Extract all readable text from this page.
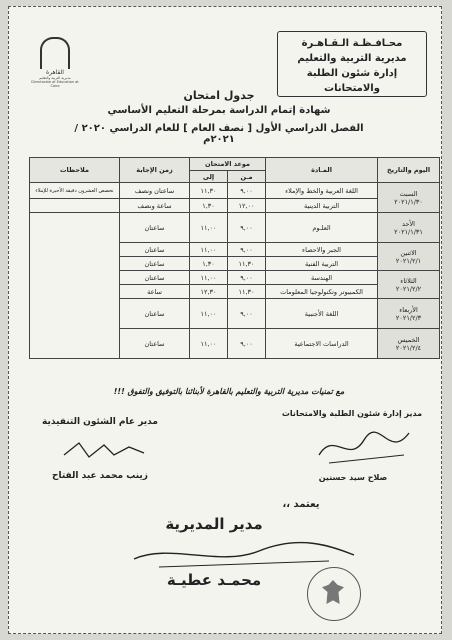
محـافـظـة الـقـاهـرة
مديرية التربية والتعليم
إدارة شئون الطلبة والامتحانات
القاهرة
مديرية التربية والتعليم
Directorate of Education at Cairo
جدول امتحان
شهادة إتمام الدراسة بمرحلة التعليم الأساسي
الفصل الدراسي الأول [ نصف العام ] للعام الدراسي ٢٠٢٠ / ٢٠٢١م
اليوم والتاريخ	المـادة	موعد الامتحان		زمن الإجابة	ملاحظات
		مـن	إلى		

السبت
٢٠٢١/١/٣٠	اللغة العربية والخط والإملاء	٩,٠٠	١١,٣٠	ساعتان ونصف	تخصص العشرون دقيقة الأخيرة للإملاء
	التربية الدينية	١٢,٠٠	١,٣٠	ساعة ونصف	

الأحد
٢٠٢١/١/٣١	العلـوم	٩,٠٠	١١,٠٠	ساعتان	

الاثنين
٢٠٢١/٢/١	الجبر والاحصاء	٩,٠٠	١١,٠٠	ساعتان	
	التربية الفنية	١١,٣٠	١,٣٠	ساعتان	

الثلاثاء
٢٠٢١/٢/٢	الهندسة	٩,٠٠	١١,٠٠	ساعتان	
	الكمبيوتر وتكنولوجيا المعلومات	١١,٣٠	١٢,٣٠	ساعة	

الأربعاء
٢٠٢١/٢/٣	اللغة الأجنبية	٩,٠٠	١١,٠٠	ساعتان	

الخميس
٢٠٢١/٢/٤	الدراسات الاجتماعية	٩,٠٠	١١,٠٠	ساعتان	
مع تمنيات مديرية التربية والتعليم بالقاهرة لأبنائنا بالتوفيق والتفوق !!!
مدير إدارة شئون الطلبة والامتحانات
صلاح سيد حسنين
مدير عام الشئون التنفيذية
زينب محمد عبد الفتاح
يعتمد ،،
مدير المديرية
محمـد عطيـة
